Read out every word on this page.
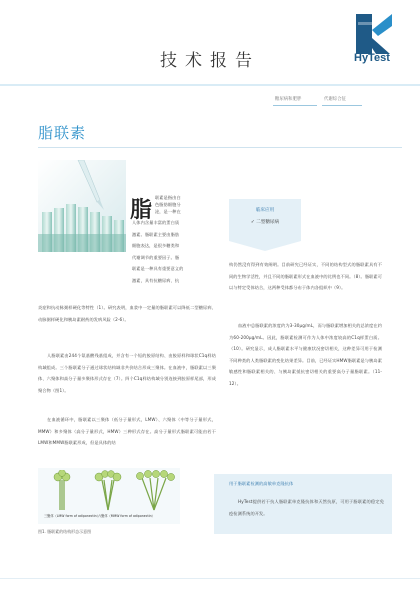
技术报告	HyTest
糖尿病和肥胖	代谢综合征
脂联素
脂 联素是指由白
色脂肪细胞分
泌，是一种在
人体内含量丰富的蛋白质
激素。脂联素主要由脂肪
细胞表达，是很多糖类和
代谢调节的重要因子。脂
联素是一种具有重要意义的
激素，具有抗糖尿病、抗
炎症和抗动脉粥样硬化等特性（1）。研究表明，血浆中一定量的脂联素可以降低二型糖尿病、动脉粥样硬化和胰岛素耐药的发病风险（2-6）。
人脂联素由244个氨基酸残基组成，并含有一个短的胶原结构、由胶原样和球状C1q样结构域组成。三个脂联素分子通过球状结构域非共价结合形成三聚体。在血液中，脂联素以三聚体、六聚体和高分子量多聚体形式存在（7）。四个C1q样结构域分别连接到胶原样尾部，形成聚合物（图1）。
在血液循环中，脂联素以三聚体（低分子量形式，LMW）、六聚体（中等分子量形式，MMW）和多聚体（高分子量形式，HMW）三种形式存在。高分子量形式脂联素可能由若干LMW和MMW脂联素形成，但是具体的结
临床应用
✓ 二型糖尿病
构仍然没有得到有效阐明。目前研究已经证实，不同的结构型式的脂联素具有不同的生物学活性，并且不同的脂联素形式在血液中的比例也不同。（8）。脂联素可以与特定受体结合，这两种受体都分布于体内各组织中（9）。
血液中总脂联素的浓度约为3-30μg/mL，而与脂联素增加相关的总浓度在约为60-200μg/mL。因此，脂联素检测可作为人体中浓度较高的C1q样蛋白质。（10）。研究显示，成人脂联素水平与健康状况密切相关，这种差异可用于检测不同种类的人类脂联素的变化结果差异。目前，已经证实HMW脂联素是与胰岛素敏感性和脂联素相关的、与胰岛素抵抗密切相关的重要高分子量脂联素。（11-12）。
用于脂联素检测的高敏单克隆抗体
HyTest提供若干抗人脂联素单克隆抗体和天然抗原，可用于脂联素的稳定免疫检测系统的开发。
三聚体（LMW form of adiponectin）
六聚体（MMW form of adiponectin）
图1. 脂联素的结构形态示意图
